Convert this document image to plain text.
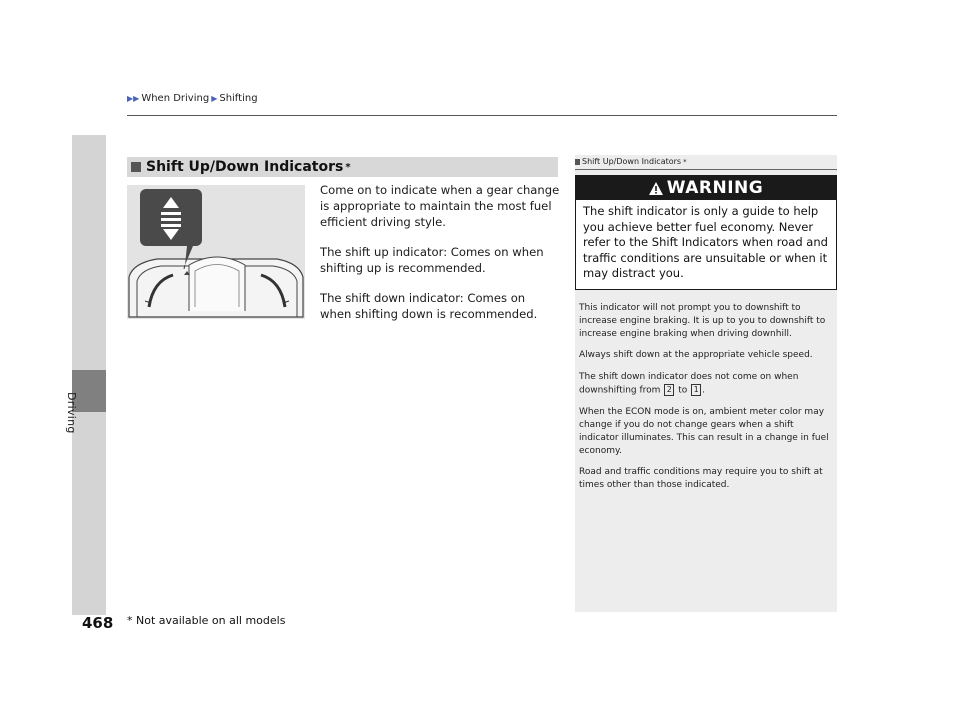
▶▶ When Driving ▶ Shifting
Driving
Shift Up/Down Indicators *

Come on to indicate when a gear change is appropriate to maintain the most fuel efficient driving style.

The shift up indicator: Comes on when shifting up is recommended.

The shift down indicator: Comes on when shifting down is recommended.

Shift Up/Down Indicators *
WARNING
The shift indicator is only a guide to help you achieve better fuel economy. Never refer to the Shift Indicators when road and traffic conditions are unsuitable or when it may distract you.

This indicator will not prompt you to downshift to increase engine braking. It is up to you to downshift to increase engine braking when driving downhill.

Always shift down at the appropriate vehicle speed.

The shift down indicator does not come on when downshifting from 2 to 1 .

When the ECON mode is on, ambient meter color may change if you do not change gears when a shift indicator illuminates. This can result in a change in fuel economy.

Road and traffic conditions may require you to shift at times other than those indicated.

468 * Not available on all models
